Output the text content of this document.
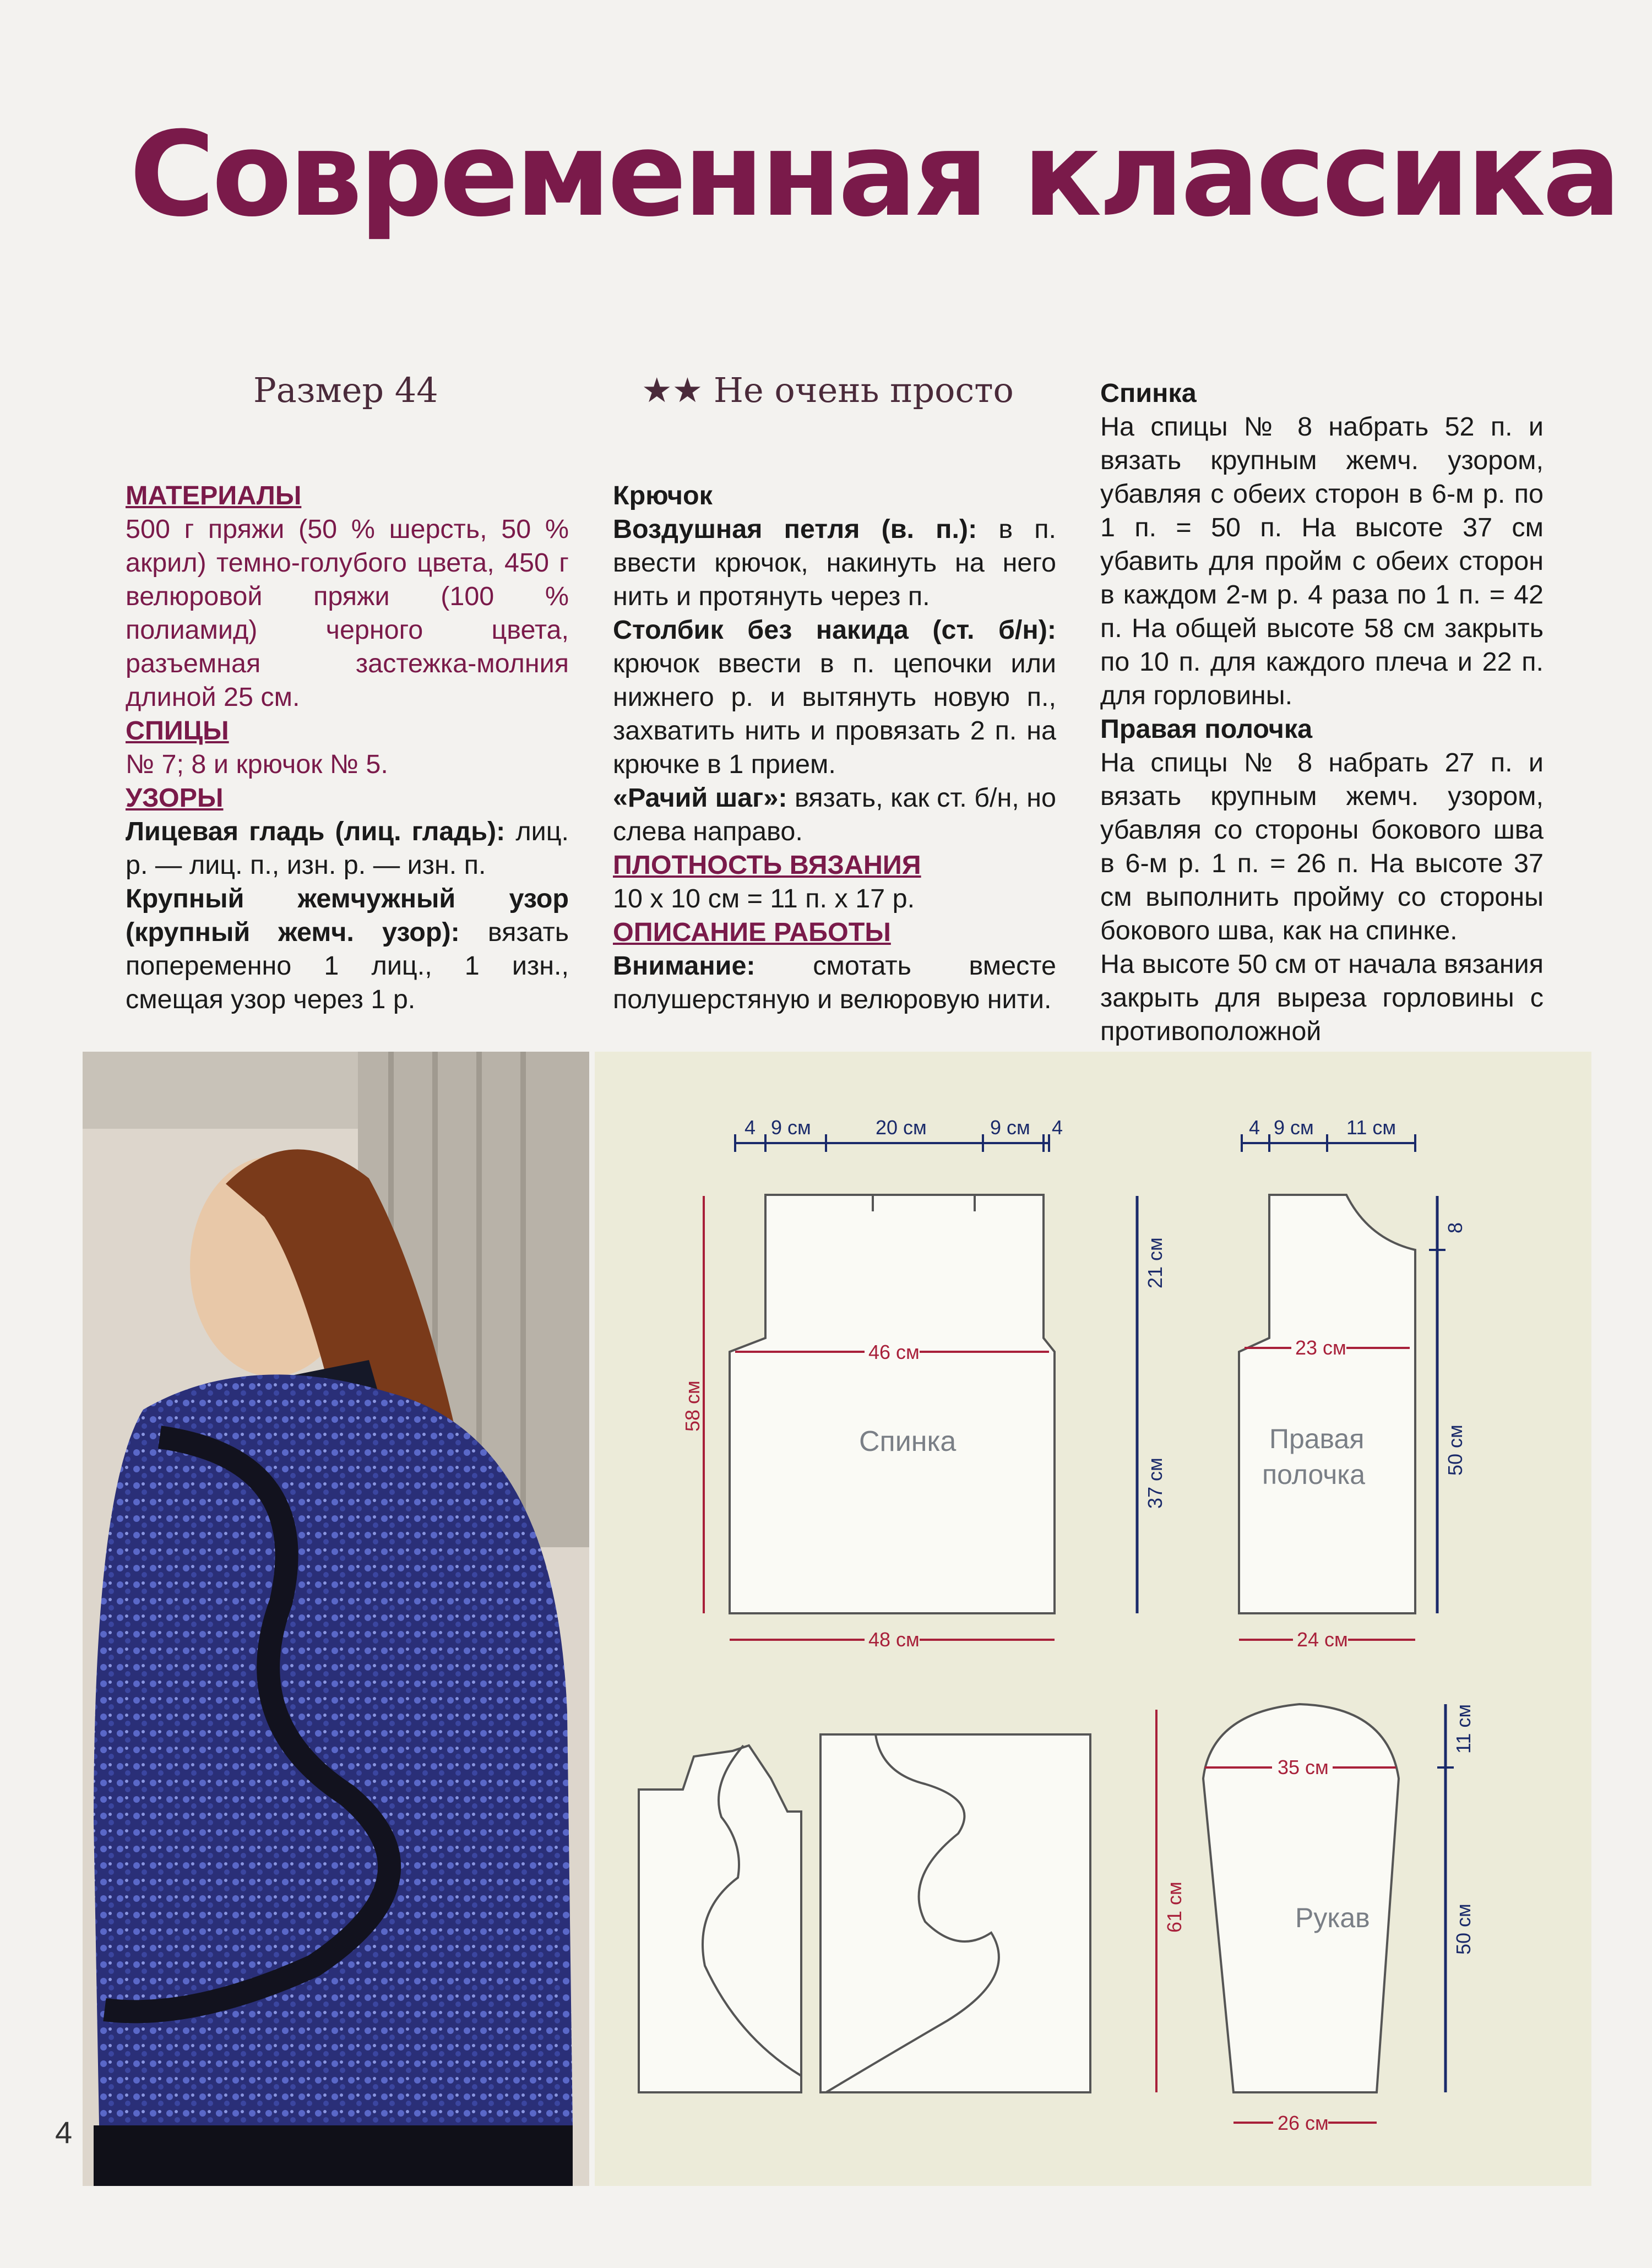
Современная классика
Размер 44	★★ Не очень просто

МАТЕРИАЛЫ

500 г пряжи (50 % шерсть, 50 % акрил) темно-голубого цвета, 450 г велюровой пряжи (100 % полиамид) черного цвета, разъемная застежка-молния длиной 25 см.

СПИЦЫ

№ 7; 8 и крючок № 5.

УЗОРЫ

Лицевая гладь (лиц. гладь): лиц. р. — лиц. п., изн. р. — изн. п.

Крупный жемчужный узор (крупный жемч. узор): вязать попеременно 1 лиц., 1 изн., смещая узор через 1 р.

Крючок

Воздушная петля (в. п.): в п. ввести крючок, накинуть на него нить и протянуть через п.

Столбик без накида (ст. б/н): крючок ввести в п. цепочки или нижнего р. и вытянуть новую п., захватить нить и провязать 2 п. на крючке в 1 прием.

«Рачий шаг»: вязать, как ст. б/н, но слева направо.

ПЛОТНОСТЬ ВЯЗАНИЯ

10 х 10 см = 11 п. х 17 р.

ОПИСАНИЕ РАБОТЫ

Внимание: смотать вместе полушерстяную и велюровую нити.

Спинка

На спицы № 8 набрать 52 п. и вязать крупным жемч. узором, убавляя с обеих сторон в 6-м р. по 1 п. = 50 п. На высоте 37 см убавить для пройм с обеих сторон в каждом 2-м р. 4 раза по 1 п. = 42 п. На общей высоте 58 см закрыть по 10 п. для каждого плеча и 22 п. для горловины.

Правая полочка

На спицы № 8 набрать 27 п. и вязать крупным жемч. узором, убавляя со стороны бокового шва в 6-м р. 1 п. = 26 п. На высоте 37 см выполнить пройму со стороны бокового шва, как на спинке.

На высоте 50 см от начала вязания закрыть для выреза горловины с противоположной

4
Спинка
4 9 см	20 см	9 см 4
46 см
48 см
58 см
21 см
37 см
Правая
полочка
4 9 см 11 см
23 см
24 см
8
50 см
Рукав
35 см
26 см
61 см
11 см
50 см
